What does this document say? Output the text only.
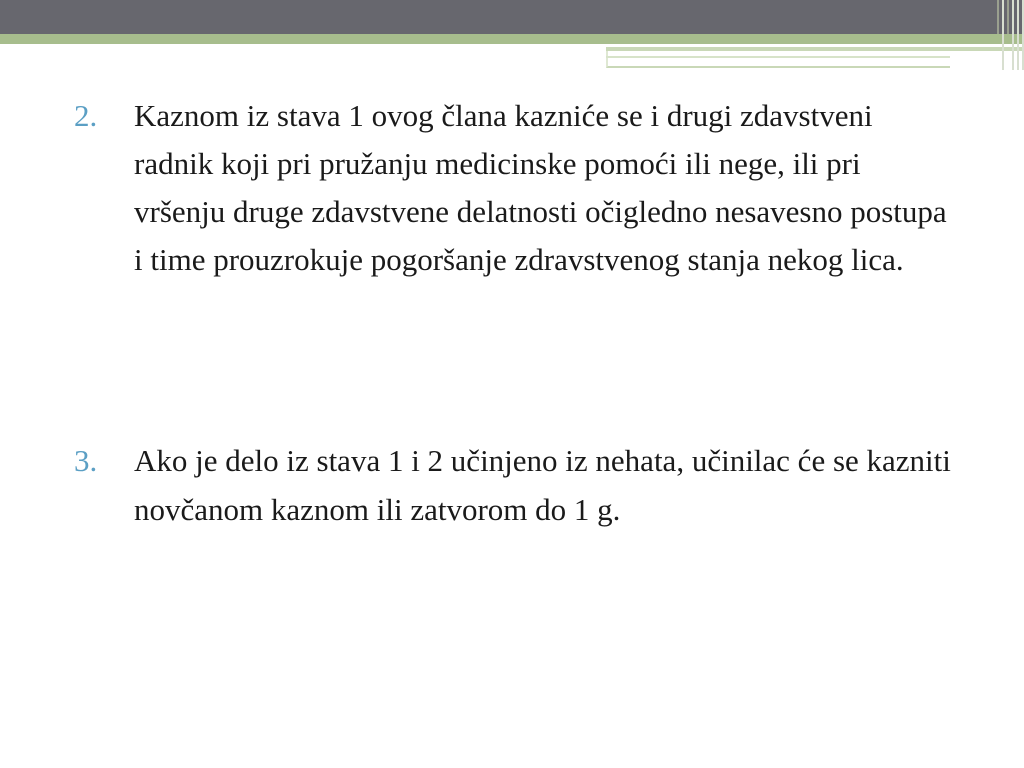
2. Kaznom iz stava 1 ovog člana kazniće se i drugi zdavstveni radnik koji pri pružanju medicinske pomoći ili nege, ili pri vršenju druge zdavstvene delatnosti očigledno nesavesno postupa i time prouzrokuje pogoršanje zdravstvenog stanja nekog lica.

3. Ako je delo iz stava 1 i 2 učinjeno iz nehata, učinilac će se kazniti novčanom kaznom ili zatvorom do 1 g.
